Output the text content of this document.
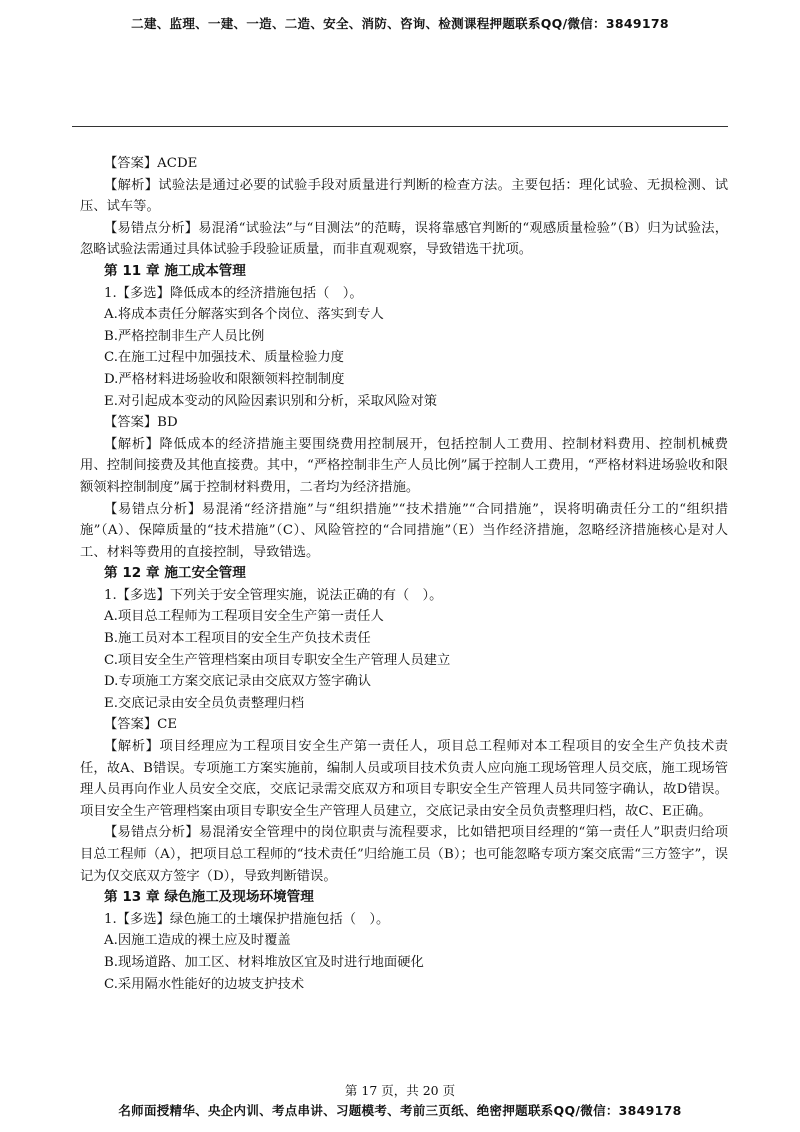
二建、监理、一建、一造、二造、安全、消防、咨询、检测课程押题联系QQ/微信：3849178

【答案】ACDE

【解析】试验法是通过必要的试验手段对质量进行判断的检查方法。主要包括：理化试验、无损检测、试压、试车等。

【易错点分析】易混淆“试验法”与“目测法”的范畴，误将靠感官判断的“观感质量检验”（B）归为试验法，忽略试验法需通过具体试验手段验证质量，而非直观观察，导致错选干扰项。

第 11 章 施工成本管理

1.【多选】降低成本的经济措施包括（　）。

A.将成本责任分解落实到各个岗位、落实到专人

B.严格控制非生产人员比例

C.在施工过程中加强技术、质量检验力度

D.严格材料进场验收和限额领料控制制度

E.对引起成本变动的风险因素识别和分析，采取风险对策

【答案】BD

【解析】降低成本的经济措施主要围绕费用控制展开，包括控制人工费用、控制材料费用、控制机械费用、控制间接费及其他直接费。其中，“严格控制非生产人员比例”属于控制人工费用，“严格材料进场验收和限额领料控制制度”属于控制材料费用，二者均为经济措施。

【易错点分析】易混淆“经济措施”与“组织措施”“技术措施”“合同措施”，误将明确责任分工的“组织措施”（A）、保障质量的“技术措施”（C）、风险管控的“合同措施”（E）当作经济措施，忽略经济措施核心是对人工、材料等费用的直接控制，导致错选。

第 12 章 施工安全管理

1.【多选】下列关于安全管理实施，说法正确的有（　）。

A.项目总工程师为工程项目安全生产第一责任人

B.施工员对本工程项目的安全生产负技术责任

C.项目安全生产管理档案由项目专职安全生产管理人员建立

D.专项施工方案交底记录由交底双方签字确认

E.交底记录由安全员负责整理归档

【答案】CE

【解析】项目经理应为工程项目安全生产第一责任人，项目总工程师对本工程项目的安全生产负技术责任，故A、B错误。专项施工方案实施前，编制人员或项目技术负责人应向施工现场管理人员交底，施工现场管理人员再向作业人员安全交底，交底记录需交底双方和项目专职安全生产管理人员共同签字确认，故D错误。项目安全生产管理档案由项目专职安全生产管理人员建立，交底记录由安全员负责整理归档，故C、E正确。

【易错点分析】易混淆安全管理中的岗位职责与流程要求，比如错把项目经理的“第一责任人”职责归给项目总工程师（A），把项目总工程师的“技术责任”归给施工员（B）；也可能忽略专项方案交底需“三方签字”，误记为仅交底双方签字（D），导致判断错误。

第 13 章 绿色施工及现场环境管理

1.【多选】绿色施工的土壤保护措施包括（　）。

A.因施工造成的裸土应及时覆盖

B.现场道路、加工区、材料堆放区宜及时进行地面硬化

C.采用隔水性能好的边坡支护技术

第 17 页，共 20 页
名师面授精华、央企内训、考点串讲、习题模考、考前三页纸、绝密押题联系QQ/微信：3849178
